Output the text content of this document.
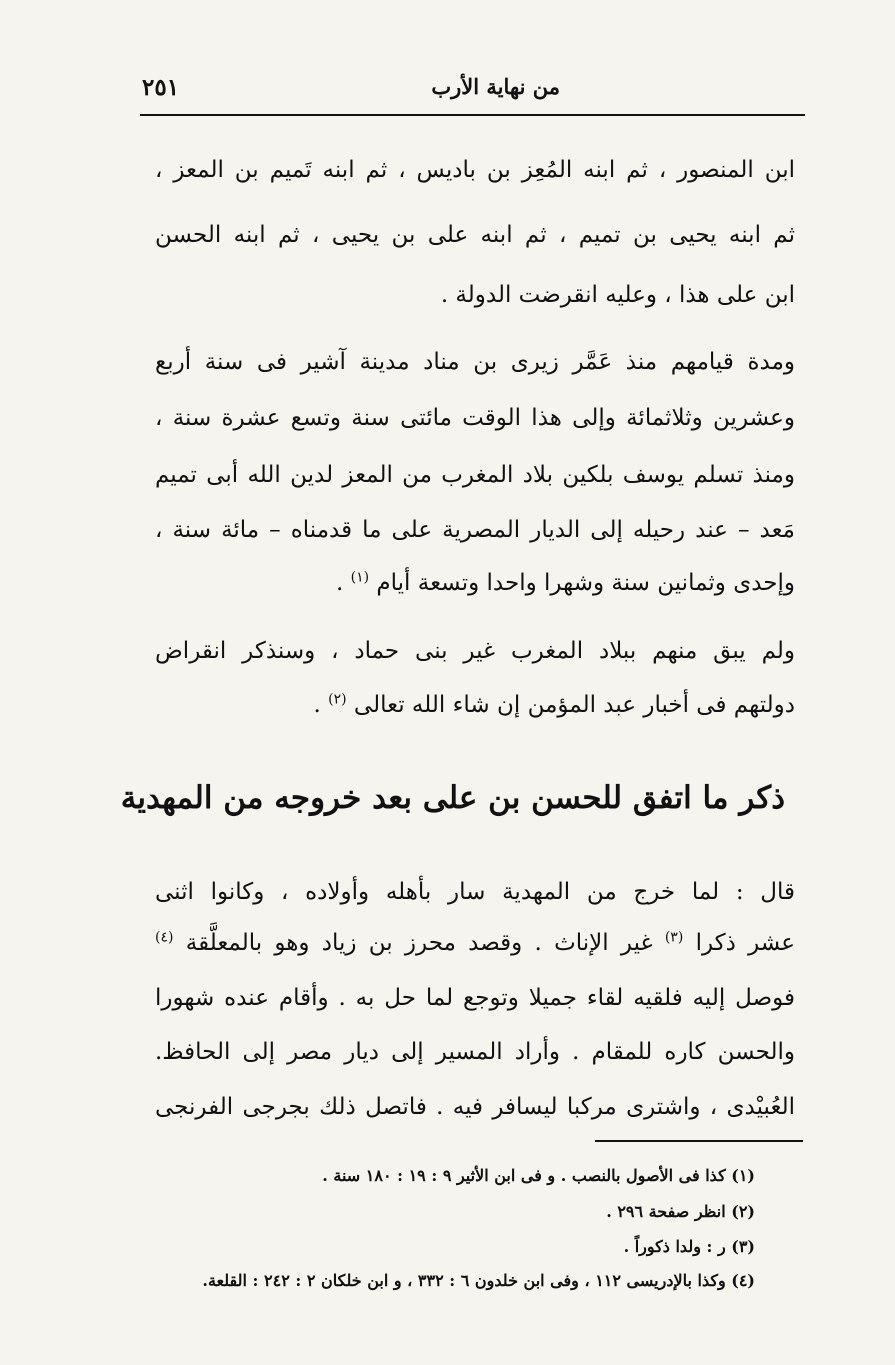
من نهاية الأرب
٢٥١
ابن المنصور ، ثم ابنه المُعِز بن باديس ، ثم ابنه تَميم بن المعز ،
ثم ابنه يحيى بن تميم ، ثم ابنه على بن يحيى ، ثم ابنه الحسن
ابن على هذا ، وعليه انقرضت الدولة .
ومدة قيامهم منذ عَمَّر زيرى بن مناد مدينة آشير فى سنة أربع
وعشرين وثلاثمائة وإلى هذا الوقت مائتى سنة وتسع عشرة سنة ،
ومنذ تسلم يوسف بلكين بلاد المغرب من المعز لدين الله أبى تميم
مَعد – عند رحيله إلى الديار المصرية على ما قدمناه – مائة سنة ،
وإحدى وثمانين سنة وشهرا واحدا وتسعة أيام $^{(١)}$ .
ولم يبق منهم ببلاد المغرب غير بنى حماد ، وسنذكر انقراض
دولتهم فى أخبار عبد المؤمن إن شاء الله تعالى $^{(٢)}$ .
ذكر ما اتفق للحسن بن على بعد خروجه من المهدية
قال : لما خرج من المهدية سار بأهله وأولاده ، وكانوا اثنى
عشر ذكرا $^{(٣)}$ غير الإناث . وقصد محرز بن زياد وهو بالمعلَّقة $^{(٤)}$
فوصل إليه فلقيه لقاء جميلا وتوجع لما حل به . وأقام عنده شهورا
والحسن كاره للمقام . وأراد المسير إلى ديار مصر إلى الحافظ.
العُبيْدى ، واشترى مركبا ليسافر فيه . فاتصل ذلك بجرجى الفرنجى
(١) كذا فى الأصول بالنصب . و فى ابن الأثير ٩ : ١٩ : ١٨٠ سنة .
(٢) انظر صفحة ٢٩٦ .
(٣) ر : ولدا ذكوراً .
(٤) وكذا بالإدريسى ١١٢ ، وفى ابن خلدون ٦ : ٣٣٢ ، و ابن خلكان ٢ : ٢٤٢ : القلعة.
